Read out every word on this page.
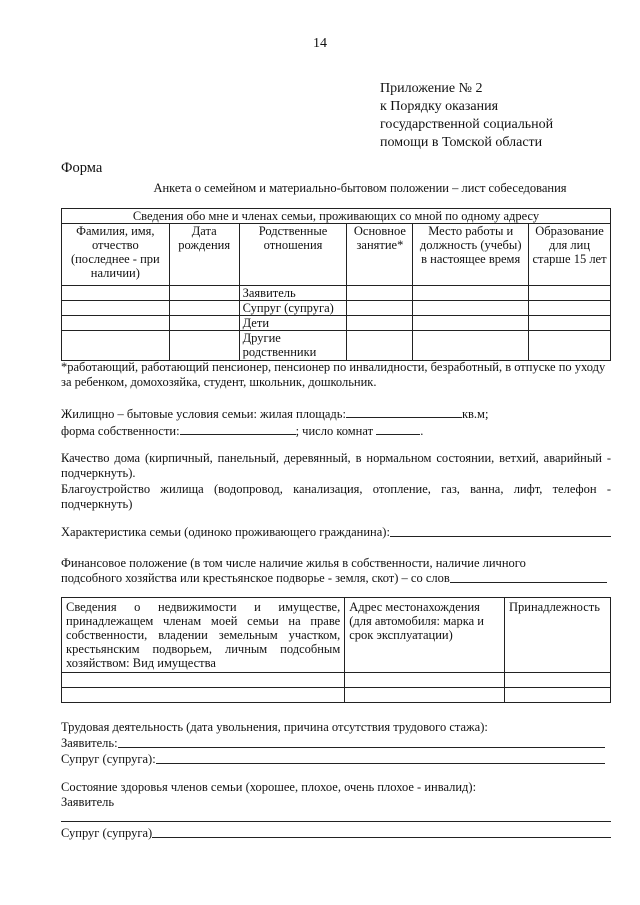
14
Приложение № 2
к Порядку оказания
государственной социальной
помощи в Томской области
Форма
Анкета о семейном и материально-бытовом положении – лист собеседования
Сведения обо мне и членах семьи, проживающих со мной по одному адресу					
Фамилия, имя, отчество (последнее - при наличии)	Дата рождения	Родственные отношения	Основное занятие*	Место работы и должность (учебы) в настоящее время	Образование для лиц старше 15 лет
		Заявитель			
		Супруг (супруга)			
		Дети			
		Другие родственники			
*работающий, работающий пенсионер, пенсионер по инвалидности, безработный, в отпуске по уходу за ребенком, домохозяйка, студент, школьник, дошкольник.
Жилищно – бытовые условия семьи: жилая площадь:	кв.м;
форма собственности:	; число комнат	.
Качество дома (кирпичный, панельный, деревянный, в нормальном состоянии, ветхий, аварийный - подчеркнуть).
Благоустройство жилища (водопровод, канализация, отопление, газ, ванна, лифт, телефон - подчеркнуть)
Характеристика семьи (одиноко проживающего гражданина):
Финансовое положение (в том числе наличие жилья в собственности, наличие личного
подсобного хозяйства или крестьянское подворье - земля, скот) – со слов
Сведения о недвижимости и имуществе, принадлежащем членам моей семьи на праве собственности, владении земельным участком, крестьянским подворьем, личным подсобным хозяйством: Вид имущества	Адрес местонахождения (для автомобиля: марка и срок эксплуатации)	Принадлежность

Трудовая деятельность (дата увольнения, причина отсутствия трудового стажа):
Заявитель:
Супруг (супруга):
Состояние здоровья членов семьи (хорошее, плохое, очень плохое - инвалид):
Заявитель
Супруг (супруга)
